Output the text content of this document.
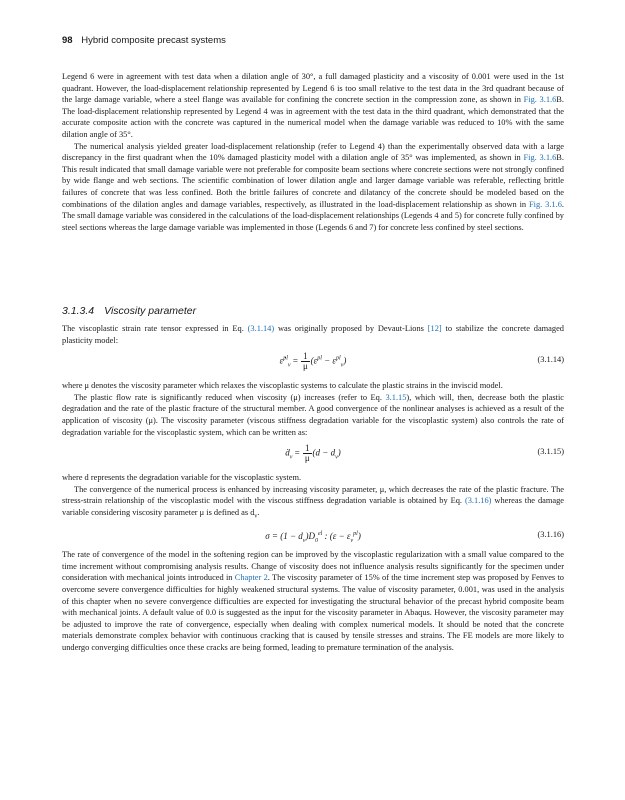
98 Hybrid composite precast systems

Legend 6 were in agreement with test data when a dilation angle of 30°, a full damaged plasticity and a viscosity of 0.001 were used in the 1st quadrant. However, the load-displacement relationship represented by Legend 6 is too small relative to the test data in the 3rd quadrant because of the large damage variable, where a steel flange was available for confining the concrete section in the compression zone, as shown in Fig. 3.1.6B. The load-displacement relationship represented by Legend 4 was in agreement with the test data in the third quadrant, which demonstrated that the accurate composite action with the concrete was captured in the numerical model when the damage variable was reduced to 10% with the same dilation angle of 35°.

The numerical analysis yielded greater load-displacement relationship (refer to Legend 4) than the experimentally observed data with a large discrepancy in the first quadrant when the 10% damaged plasticity model with a dilation angle of 35° was implemented, as shown in Fig. 3.1.6B. This result indicated that small damage variable were not preferable for composite beam sections where concrete sections were not strongly confined by wide flange and web sections. The scientific combination of lower dilation angle and larger damage variable was referable, reflecting brittle failures of concrete that was less confined. Both the brittle failures of concrete and dilatancy of the concrete should be modeled based on the combinations of the dilation angles and damage variables, respectively, as illustrated in the load-displacement relationship as shown in Fig. 3.1.6. The small damage variable was considered in the calculations of the load-displacement relationships (Legends 4 and 5) for concrete fully confined by steel sections whereas the large damage variable was implemented in those (Legends 6 and 7) for concrete less confined by steel sections.

3.1.3.4 Viscosity parameter

The viscoplastic strain rate tensor expressed in Eq. (3.1.14) was originally proposed by Devaut-Lions [12] to stabilize the concrete damaged plasticity model:

ε̇$^{pl}_v$ = $\frac{1}{\mu} (\varepsilon^{pl} - \varepsilon^{pl}_v)$	(3.1.14)

where μ denotes the viscosity parameter which relaxes the viscoplastic systems to calculate the plastic strains in the inviscid model.

The plastic flow rate is significantly reduced when viscosity (μ) increases (refer to Eq. 3.1.15), which will, then, decrease both the plastic degradation and the rate of the plastic fracture of the structural member. A good convergence of the nonlinear analyses is achieved as a result of the application of viscosity (μ). The viscosity parameter (viscous stiffness degradation variable for the viscoplastic system) also controls the rate of degradation variable for the viscoplastic system, which can be written as:

ḋ$_v$ = $\frac{1}{\mu} (d - d_v)$	(3.1.15)

where d represents the degradation variable for the viscoplastic system.

The convergence of the numerical process is enhanced by increasing viscosity parameter, μ, which decreases the rate of the plastic fracture. The stress-strain relationship of the viscoplastic model with the viscous stiffness degradation variable is obtained by Eq. (3.1.16) whereas the damage variable considering viscosity parameter μ is defined as $d_v$.

$\sigma = (1 - d_v)D_0^{el}$ : $(\varepsilon - \varepsilon_v^{pl})$	(3.1.16)

The rate of convergence of the model in the softening region can be improved by the viscoplastic regularization with a small value compared to the time increment without compromising analysis results. Change of viscosity does not influence analysis results significantly for the specimen under consideration with mechanical joints introduced in Chapter 2. The viscosity parameter of 15% of the time increment step was proposed by Fenves to overcome severe convergence difficulties for highly weakened structural systems. The value of viscosity parameter, 0.001, was used in the analysis of this chapter when no severe convergence difficulties are expected for investigating the structural behavior of the precast hybrid composite beam with mechanical joints. A default value of 0.0 is suggested as the input for the viscosity parameter in Abaqus. However, the viscosity parameter may be adjusted to improve the rate of convergence, especially when dealing with complex numerical models. It should be noted that the concrete materials demonstrate complex behavior with continuous cracking that is caused by tensile stresses and strains. The FE models are more likely to undergo converging difficulties once these cracks are being formed, leading to premature termination of the analysis.
